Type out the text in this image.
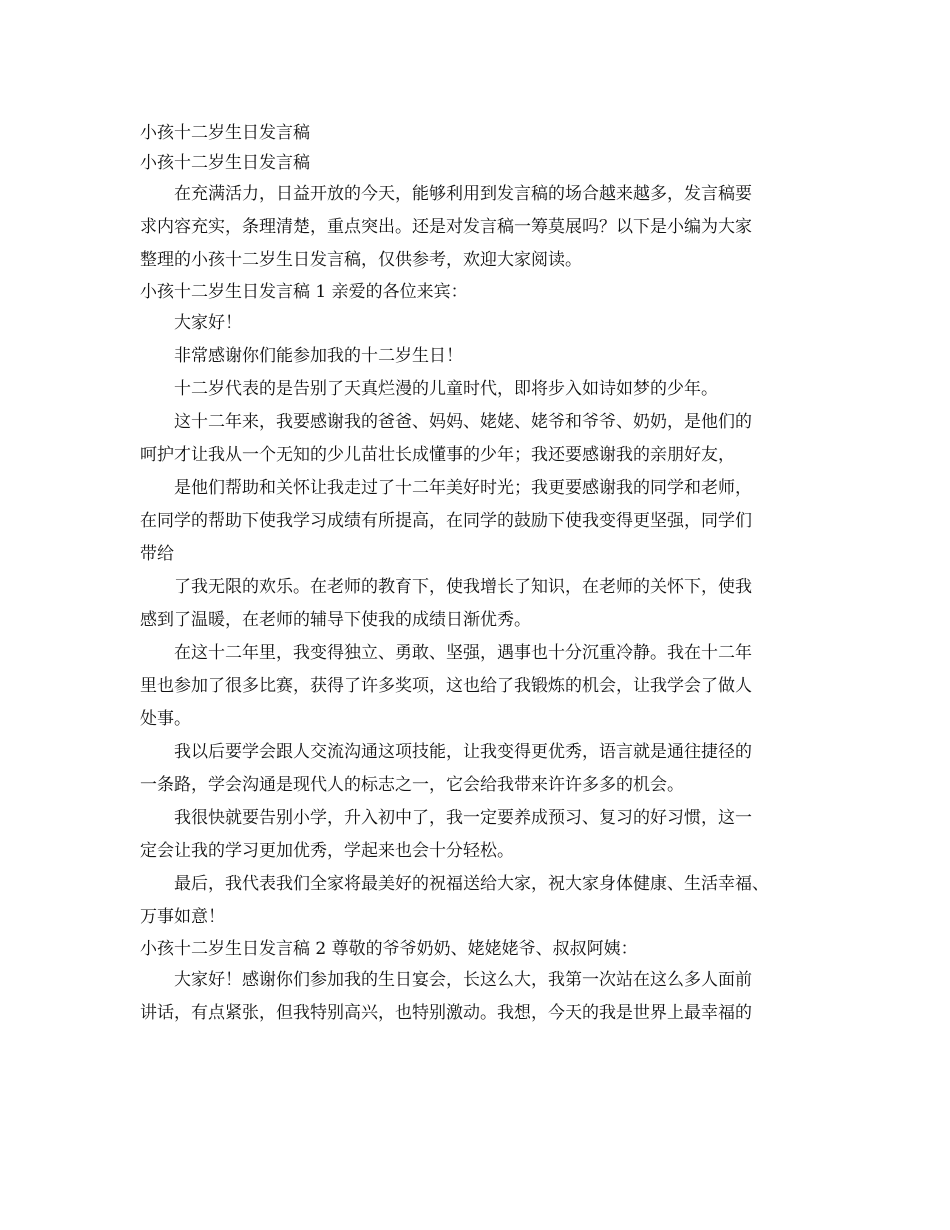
小孩十二岁生日发言稿

小孩十二岁生日发言稿

在充满活力，日益开放的今天，能够利用到发言稿的场合越来越多，发言稿要

求内容充实，条理清楚，重点突出。还是对发言稿一筹莫展吗？以下是小编为大家

整理的小孩十二岁生日发言稿，仅供参考，欢迎大家阅读。

小孩十二岁生日发言稿 1 亲爱的各位来宾：

大家好！

非常感谢你们能参加我的十二岁生日！

十二岁代表的是告别了天真烂漫的儿童时代，即将步入如诗如梦的少年。

这十二年来，我要感谢我的爸爸、妈妈、姥姥、姥爷和爷爷、奶奶，是他们的

呵护才让我从一个无知的少儿苗壮长成懂事的少年；我还要感谢我的亲朋好友，

是他们帮助和关怀让我走过了十二年美好时光；我更要感谢我的同学和老师，

在同学的帮助下使我学习成绩有所提高，在同学的鼓励下使我变得更坚强，同学们

带给

了我无限的欢乐。在老师的教育下，使我增长了知识，在老师的关怀下，使我

感到了温暖，在老师的辅导下使我的成绩日渐优秀。

在这十二年里，我变得独立、勇敢、坚强，遇事也十分沉重冷静。我在十二年

里也参加了很多比赛，获得了许多奖项，这也给了我锻炼的机会，让我学会了做人

处事。

我以后要学会跟人交流沟通这项技能，让我变得更优秀，语言就是通往捷径的

一条路，学会沟通是现代人的标志之一，它会给我带来许许多多的机会。

我很快就要告别小学，升入初中了，我一定要养成预习、复习的好习惯，这一

定会让我的学习更加优秀，学起来也会十分轻松。

最后，我代表我们全家将最美好的祝福送给大家，祝大家身体健康、生活幸福、

万事如意！

小孩十二岁生日发言稿 2 尊敬的爷爷奶奶、姥姥姥爷、叔叔阿姨：

大家好！感谢你们参加我的生日宴会，长这么大，我第一次站在这么多人面前

讲话，有点紧张，但我特别高兴，也特别激动。我想，今天的我是世界上最幸福的
